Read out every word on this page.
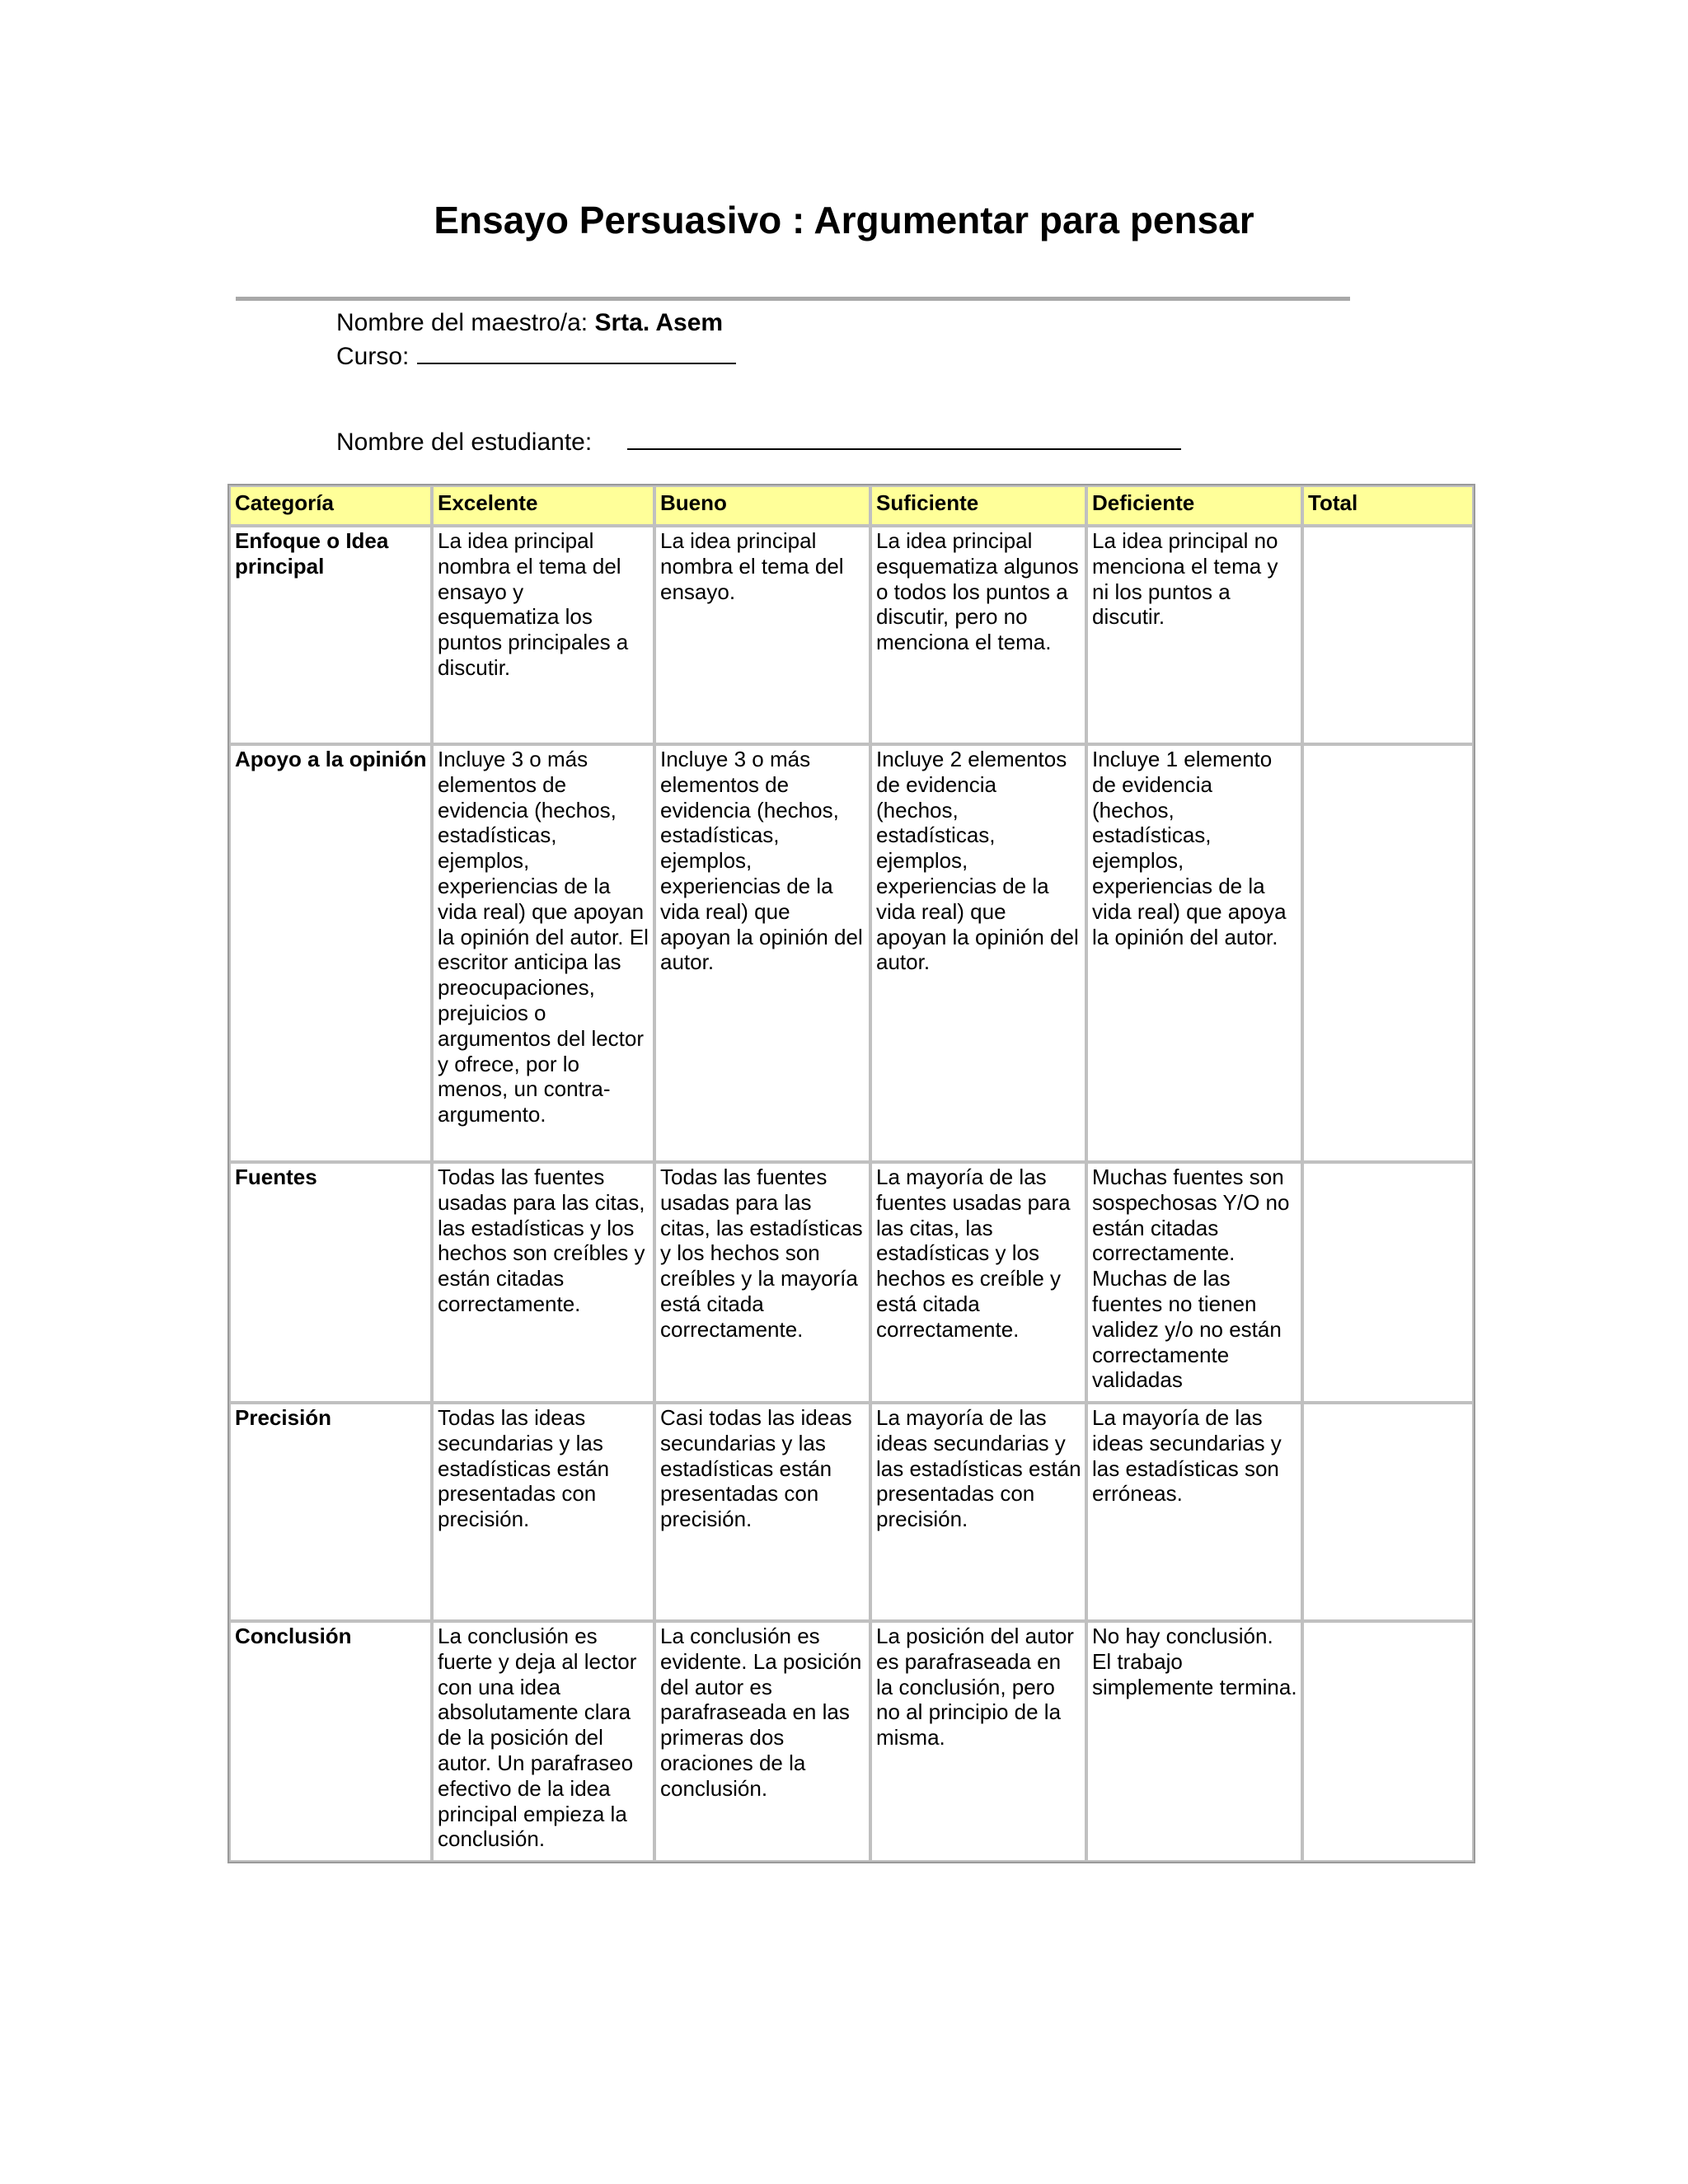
Ensayo Persuasivo : Argumentar para pensar
Nombre del maestro/a: Srta. Asem
Curso:
Nombre del estudiante:
Categoría	Excelente	Bueno	Suficiente	Deficiente	Total
Enfoque o Idea principal	La idea principal nombra el tema del ensayo y esquematiza los puntos principales a discutir.	La idea principal nombra el tema del ensayo.	La idea principal esquematiza algunos o todos los puntos a discutir, pero no menciona el tema.	La idea principal no menciona el tema y ni los puntos a discutir.	
Apoyo a la opinión	Incluye 3 o más elementos de evidencia (hechos, estadísticas, ejemplos, experiencias de la vida real) que apoyan la opinión del autor. El escritor anticipa las preocupaciones, prejuicios o argumentos del lector y ofrece, por lo menos, un contra-argumento.	Incluye 3 o más elementos de evidencia (hechos, estadísticas, ejemplos, experiencias de la vida real) que apoyan la opinión del autor.	Incluye 2 elementos de evidencia (hechos, estadísticas, ejemplos, experiencias de la vida real) que apoyan la opinión del autor.	Incluye 1 elemento de evidencia (hechos, estadísticas, ejemplos, experiencias de la vida real) que apoya la opinión del autor.	
Fuentes	Todas las fuentes usadas para las citas, las estadísticas y los hechos son creíbles y están citadas correctamente.	Todas las fuentes usadas para las citas, las estadísticas y los hechos son creíbles y la mayoría está citada correctamente.	La mayoría de las fuentes usadas para las citas, las estadísticas y los hechos es creíble y está citada correctamente.	Muchas fuentes son sospechosas Y/O no están citadas correctamente. Muchas de las fuentes no tienen validez y/o no están correctamente validadas	
Precisión	Todas las ideas secundarias y las estadísticas están presentadas con precisión.	Casi todas las ideas secundarias y las estadísticas están presentadas con precisión.	La mayoría de las ideas secundarias y las estadísticas están presentadas con precisión.	La mayoría de las ideas secundarias y las estadísticas son erróneas.	
Conclusión	La conclusión es fuerte y deja al lector con una idea absolutamente clara de la posición del autor. Un parafraseo efectivo de la idea principal empieza la conclusión.	La conclusión es evidente. La posición del autor es parafraseada en las primeras dos oraciones de la conclusión.	La posición del autor es parafraseada en la conclusión, pero no al principio de la misma.	No hay conclusión. El trabajo simplemente termina.	
